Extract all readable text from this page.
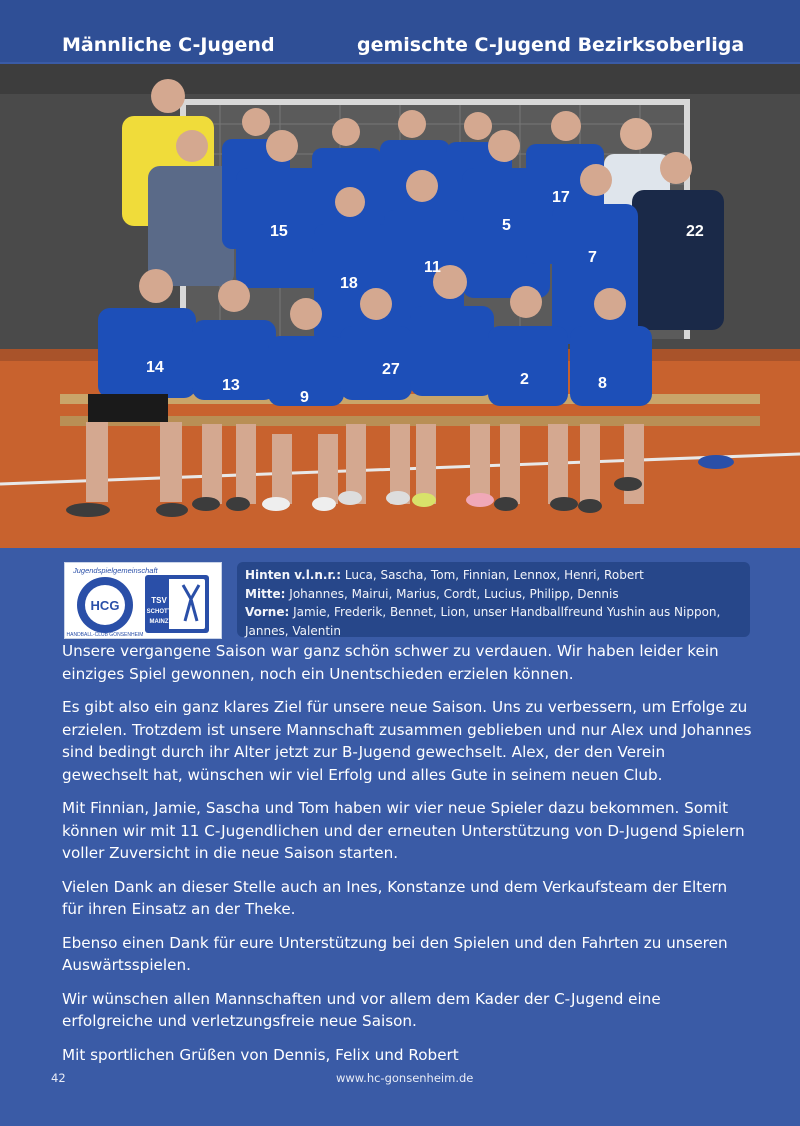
Männliche C-Jugend	gemischte C-Jugend Bezirksoberliga
15
17
5	22
18
11
7
14
13
9
27
2	8
Jugendspielgemeinschaft
HCG
HANDBALL-CLUB GONSENHEIM
TSV
SCHOTT
MAINZ
Hinten v.l.n.r.: Luca, Sascha, Tom, Finnian, Lennox, Henri, Robert
Mitte: Johannes, Mairui, Marius, Cordt, Lucius, Philipp, Dennis
Vorne: Jamie, Frederik, Bennet, Lion, unser Handballfreund Yushin aus Nippon,
Jannes, Valentin

Unsere vergangene Saison war ganz schön schwer zu verdauen. Wir haben leider kein einziges Spiel gewonnen, noch ein Unentschieden erzielen können.

Es gibt also ein ganz klares Ziel für unsere neue Saison. Uns zu verbessern, um Erfolge zu erzielen. Trotzdem ist unsere Mannschaft zusammen geblieben und nur Alex und Johannes sind bedingt durch ihr Alter jetzt zur B-Jugend gewechselt. Alex, der den Verein gewechselt hat, wünschen wir viel Erfolg und alles Gute in seinem neuen Club.

Mit Finnian, Jamie, Sascha und Tom haben wir vier neue Spieler dazu bekommen. Somit können wir mit 11 C-Jugendlichen und der erneuten Unterstützung von D-Jugend Spielern voller Zuversicht in die neue Saison starten.

Vielen Dank an dieser Stelle auch an Ines, Konstanze und dem Verkaufsteam der Eltern für ihren Einsatz an der Theke.

Ebenso einen Dank für eure Unterstützung bei den Spielen und den Fahrten zu unseren Auswärtsspielen.

Wir wünschen allen Mannschaften und vor allem dem Kader der C-Jugend eine erfolgreiche und verletzungsfreie neue Saison.

Mit sportlichen Grüßen von Dennis, Felix und Robert

42	www.hc-gonsenheim.de
